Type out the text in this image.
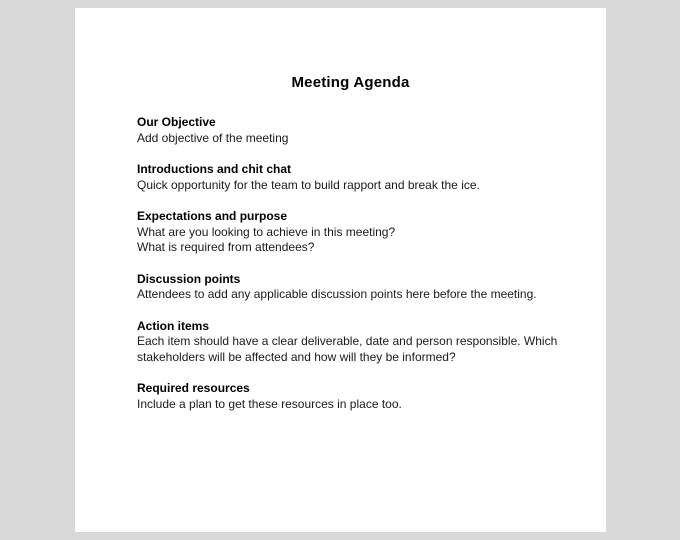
Meeting Agenda

Our Objective

Add objective of the meeting

Introductions and chit chat

Quick opportunity for the team to build rapport and break the ice.

Expectations and purpose

What are you looking to achieve in this meeting?

What is required from attendees?

Discussion points

Attendees to add any applicable discussion points here before the meeting.

Action items

Each item should have a clear deliverable, date and person responsible. Which stakeholders will be affected and how will they be informed?

Required resources

Include a plan to get these resources in place too.
